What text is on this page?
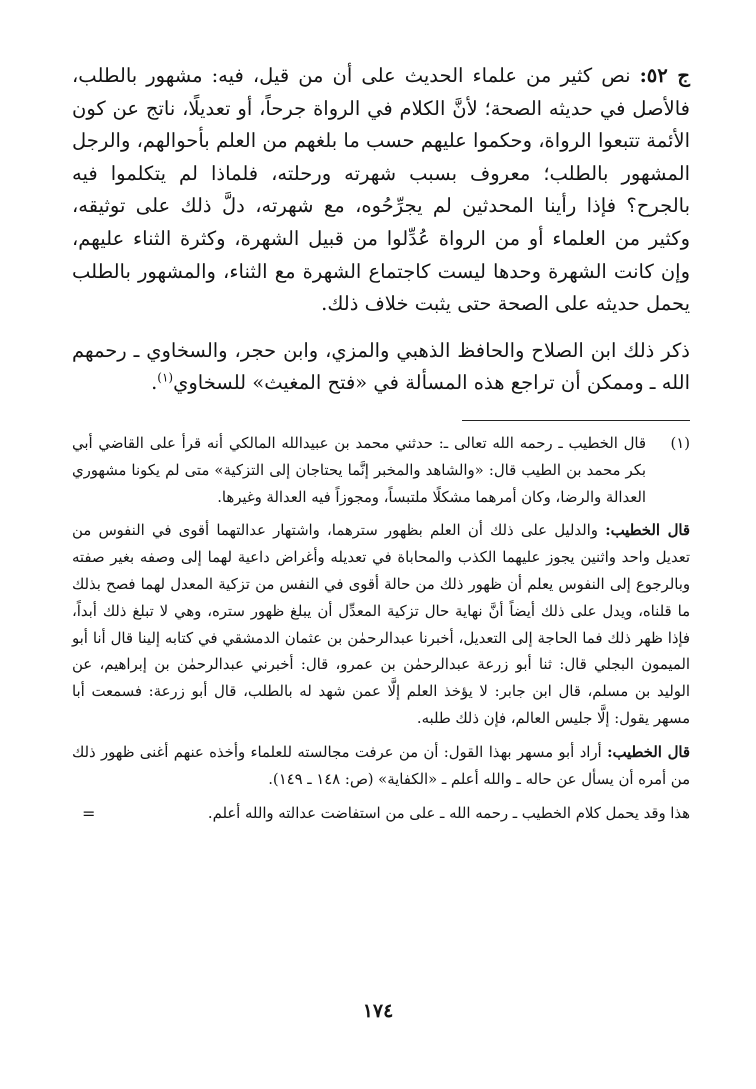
ج ٥٢: نص كثير من علماء الحديث على أن من قيل، فيه: مشهور بالطلب، فالأصل في حديثه الصحة؛ لأنَّ الكلام في الرواة جرحاً، أو تعديلًا، ناتج عن كون الأئمة تتبعوا الرواة، وحكموا عليهم حسب ما بلغهم من العلم بأحوالهم، والرجل المشهور بالطلب؛ معروف بسبب شهرته ورحلته، فلماذا لم يتكلموا فيه بالجرح؟ فإذا رأينا المحدثين لم يجرِّحُوه، مع شهرته، دلَّ ذلك على توثيقه، وكثير من العلماء أو من الرواة عُدِّلوا من قبيل الشهرة، وكثرة الثناء عليهم، وإن كانت الشهرة وحدها ليست كاجتماع الشهرة مع الثناء، والمشهور بالطلب يحمل حديثه على الصحة حتى يثبت خلاف ذلك.

ذكر ذلك ابن الصلاح والحافظ الذهبي والمزي، وابن حجر، والسخاوي ـ رحمهم الله ـ وممكن أن تراجع هذه المسألة في «فتح المغيث» للسخاوي$^{(١)}$.

(١)
قال الخطيب ـ رحمه الله تعالى ـ: حدثني محمد بن عبيدالله المالكي أنه قرأ على القاضي أبي بكر محمد بن الطيب قال: «والشاهد والمخبر إنَّما يحتاجان إلى التزكية» متى لم يكونا مشهوري العدالة والرضا، وكان أمرهما مشكلًا ملتبساً، ومجوزاً فيه العدالة وغيرها.

قال الخطيب: والدليل على ذلك أن العلم بظهور سترهما، واشتهار عدالتهما أقوى في النفوس من تعديل واحد واثنين يجوز عليهما الكذب والمحاباة في تعديله وأغراض داعية لهما إلى وصفه بغير صفته وبالرجوع إلى النفوس يعلم أن ظهور ذلك من حالة أقوى في النفس من تزكية المعدل لهما فصح بذلك ما قلناه، ويدل على ذلك أيضاً أنَّ نهاية حال تزكية المعدِّل أن يبلغ ظهور ستره، وهي لا تبلغ ذلك أبداً، فإذا ظهر ذلك فما الحاجة إلى التعديل، أخبرنا عبدالرحمٰن بن عثمان الدمشقي في كتابه إلينا قال أنا أبو الميمون البجلي قال: ثنا أبو زرعة عبدالرحمٰن بن عمرو، قال: أخبرني عبدالرحمٰن بن إبراهيم، عن الوليد بن مسلم، قال ابن جابر: لا يؤخذ العلم إلَّا عمن شهد له بالطلب، قال أبو زرعة: فسمعت أبا مسهر يقول: إلَّا جليس العالم، فإن ذلك طلبه.

قال الخطيب: أراد أبو مسهر بهذا القول: أن من عرفت مجالسته للعلماء وأخذه عنهم أغنى ظهور ذلك من أمره أن يسأل عن حاله ـ والله أعلم ـ «الكفاية» (ص: ١٤٨ ـ ١٤٩).

هذا وقد يحمل كلام الخطيب ـ رحمه الله ـ على من استفاضت عدالته والله أعلم.
=

١٧٤
